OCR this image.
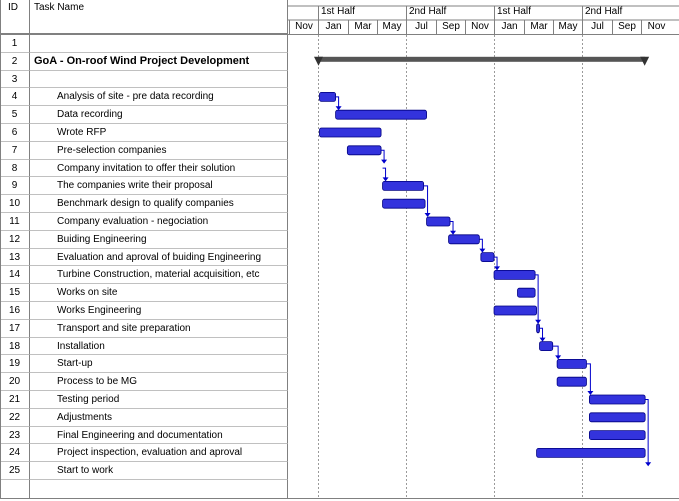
ID	Task Name
1
2	GoA - On-roof Wind Project Development
3
4	Analysis of site - pre data recording
5	Data recording
6	Wrote RFP
7	Pre-selection companies
8	Company invitation to offer their solution
9	The companies write their proposal
10	Benchmark design to qualify companies
11	Company evaluation - negociation
12	Buiding Engineering
13	Evaluation and aproval of buiding Engineering
14	Turbine Construction, material acquisition, etc
15	Works on site
16	Works Engineering
17	Transport and site preparation
18	Installation
19	Start-up
20	Process to be MG
21	Testing period
22	Adjustments
23	Final Engineering and documentation
24	Project inspection, evaluation and aproval
25	Start to work
1st Half	2nd Half	1st Half	2nd Half
Nov	Jan	Mar	May	Jul	Sep	Nov	Jan	Mar	May	Jul	Sep	Nov
